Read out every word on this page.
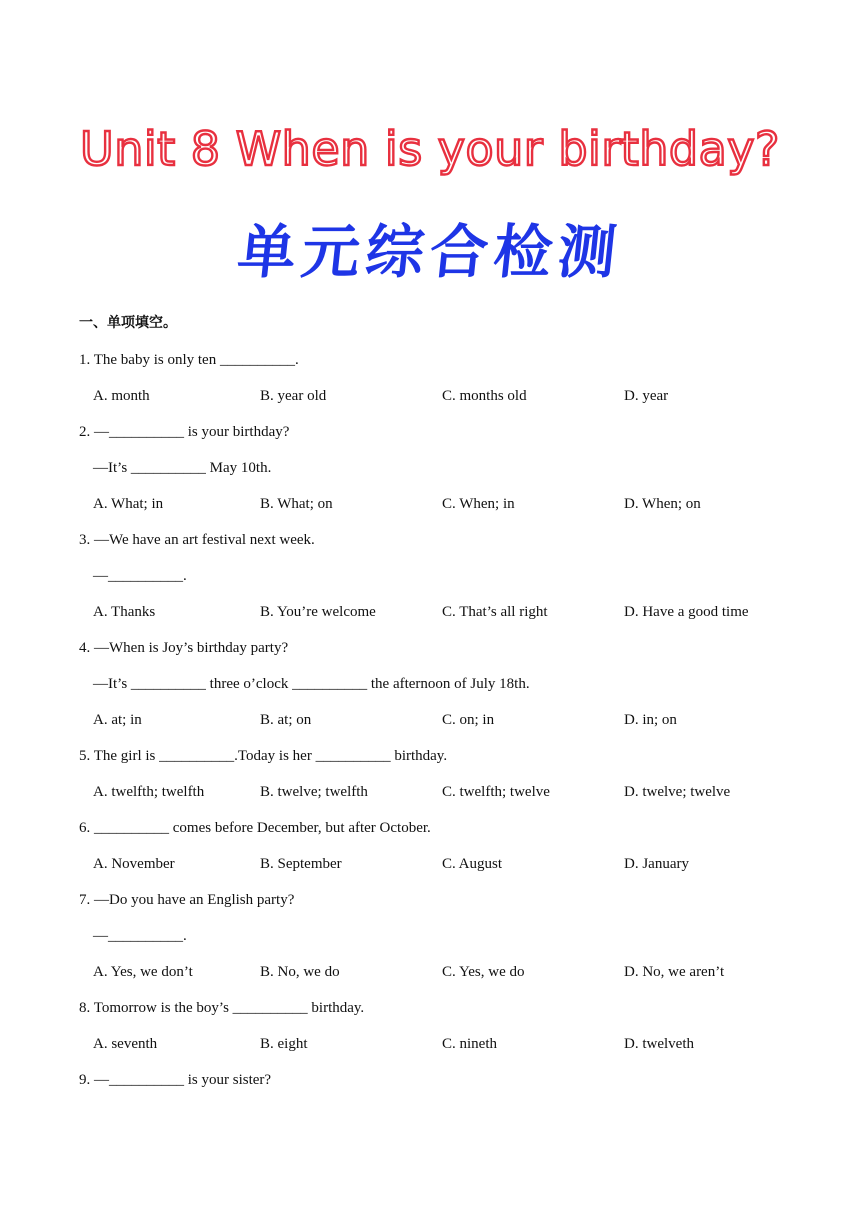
Unit 8 When is your birthday?
单元综合检测
一、单项填空。
1. The baby is only ten __________.
A. month	B. year old	C. months old	D. year
2. —__________ is your birthday?
—It’s __________ May 10th.
A. What; in	B. What; on	C. When; in	D. When; on
3. —We have an art festival next week.
—__________.
A. Thanks	B. You’re welcome	C. That’s all right	D. Have a good time
4. —When is Joy’s birthday party?
—It’s __________ three o’clock __________ the afternoon of July 18th.
A. at; in	B. at; on	C. on; in	D. in; on
5. The girl is __________.Today is her __________ birthday.
A. twelfth; twelfth	B. twelve; twelfth	C. twelfth; twelve	D. twelve; twelve
6. __________ comes before December, but after October.
A. November	B. September	C. August	D. January
7. —Do you have an English party?
—__________.
A. Yes, we don’t	B. No, we do	C. Yes, we do	D. No, we aren’t
8. Tomorrow is the boy’s __________ birthday.
A. seventh	B. eight	C. nineth	D. twelveth
9. —__________ is your sister?
